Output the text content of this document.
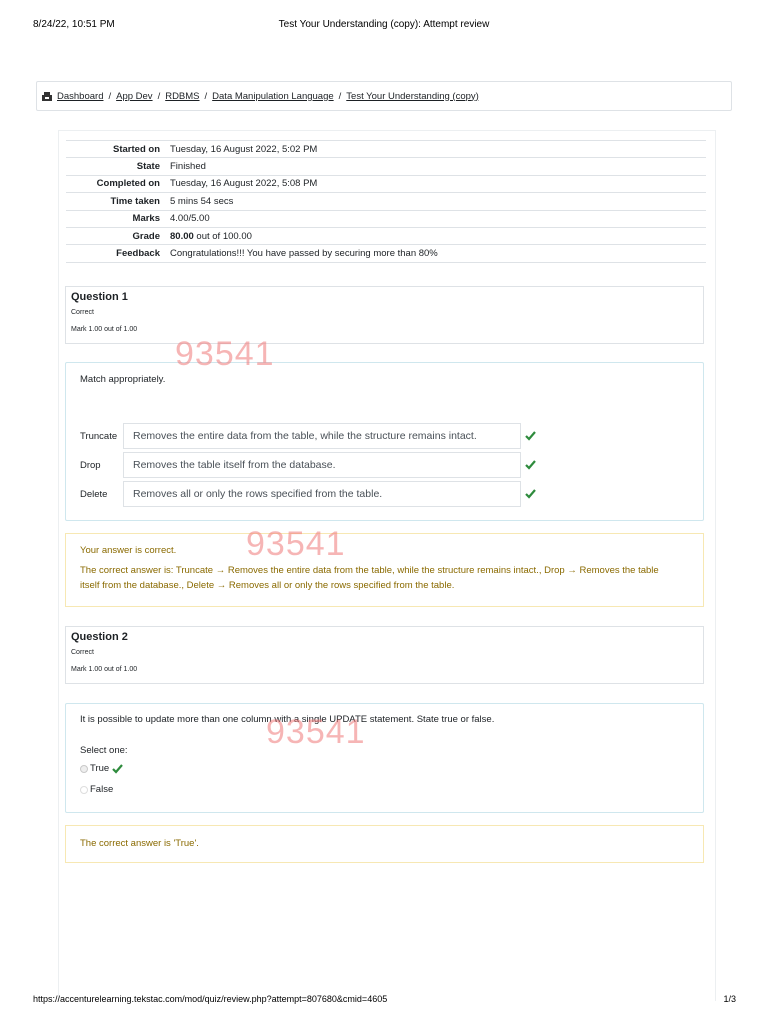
8/24/22, 10:51 PM	Test Your Understanding (copy): Attempt review
Dashboard / App Dev / RDBMS / Data Manipulation Language / Test Your Understanding (copy)
Started on	Tuesday, 16 August 2022, 5:02 PM
State	Finished
Completed on	Tuesday, 16 August 2022, 5:08 PM
Time taken	5 mins 54 secs
Marks	4.00/5.00
Grade	80.00 out of 100.00
Feedback	Congratulations!!! You have passed by securing more than 80%
Question 1
Correct
Mark 1.00 out of 1.00
Match appropriately.
Truncate	Removes the entire data from the table, while the structure remains intact.
Drop	Removes the table itself from the database.
Delete	Removes all or only the rows specified from the table.
Your answer is correct.
The correct answer is: Truncate → Removes the entire data from the table, while the structure remains intact., Drop → Removes the table
itself from the database., Delete → Removes all or only the rows specified from the table.
Question 2
Correct
Mark 1.00 out of 1.00
It is possible to update more than one column with a single UPDATE statement. State true or false.
Select one:
True
False
The correct answer is 'True'.
93541
93541
93541
https://accenturelearning.tekstac.com/mod/quiz/review.php?attempt=807680&cmid=4605	1/3
